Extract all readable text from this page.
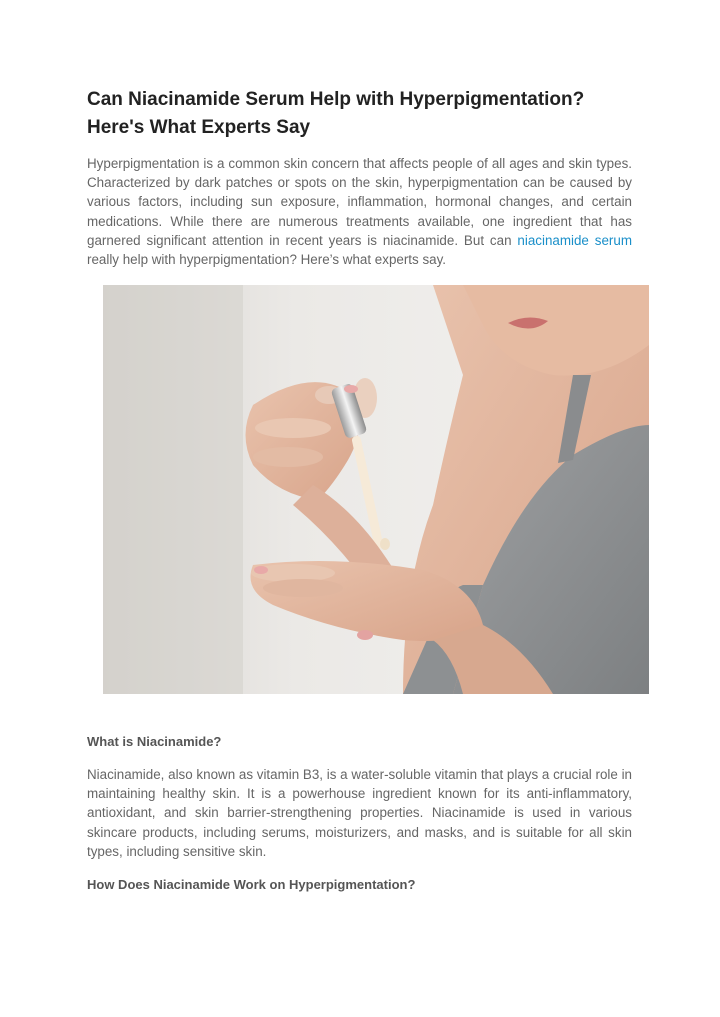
Can Niacinamide Serum Help with Hyperpigmentation?
Here's What Experts Say

Hyperpigmentation is a common skin concern that affects people of all ages and skin types. Characterized by dark patches or spots on the skin, hyperpigmentation can be caused by various factors, including sun exposure, inflammation, hormonal changes, and certain medications. While there are numerous treatments available, one ingredient that has garnered significant attention in recent years is niacinamide. But can niacinamide serum really help with hyperpigmentation? Here’s what experts say.

What is Niacinamide?

Niacinamide, also known as vitamin B3, is a water-soluble vitamin that plays a crucial role in maintaining healthy skin. It is a powerhouse ingredient known for its anti-inflammatory, antioxidant, and skin barrier-strengthening properties. Niacinamide is used in various skincare products, including serums, moisturizers, and masks, and is suitable for all skin types, including sensitive skin.

How Does Niacinamide Work on Hyperpigmentation?
